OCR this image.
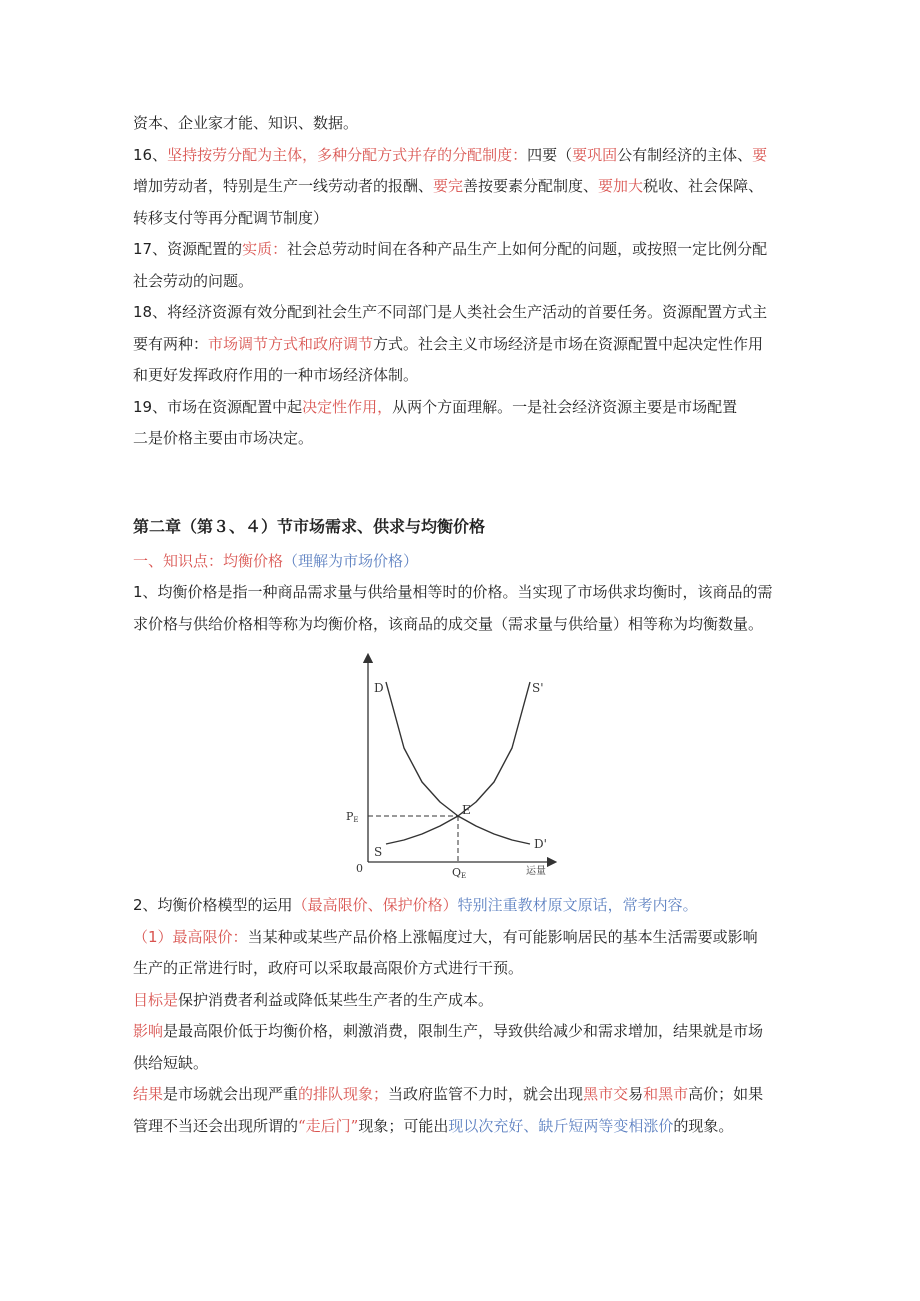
资本、企业家才能、知识、数据。

16、坚持按劳分配为主体，多种分配方式并存的分配制度：四要（要巩固公有制经济的主体、要

增加劳动者，特别是生产一线劳动者的报酬、要完善按要素分配制度、要加大税收、社会保障、

转移支付等再分配调节制度）

17、资源配置的实质：社会总劳动时间在各种产品生产上如何分配的问题，或按照一定比例分配

社会劳动的问题。

18、将经济资源有效分配到社会生产不同部门是人类社会生产活动的首要任务。资源配置方式主

要有两种：市场调节方式和政府调节方式。社会主义市场经济是市场在资源配置中起决定性作用

和更好发挥政府作用的一种市场经济体制。

19、市场在资源配置中起决定性作用，从两个方面理解。一是社会经济资源主要是市场配置

二是价格主要由市场决定。

第二章（第３、４）节市场需求、供求与均衡价格

一、知识点：均衡价格（理解为市场价格）

1、均衡价格是指一种商品需求量与供给量相等时的价格。当实现了市场供求均衡时，该商品的需

求价格与供给价格相等称为均衡价格，该商品的成交量（需求量与供给量）相等称为均衡数量。

D
D'
S
S'
E
PE
QE
0	运量

2、均衡价格模型的运用（最高限价、保护价格）特别注重教材原文原话，常考内容。

（1）最高限价：当某种或某些产品价格上涨幅度过大，有可能影响居民的基本生活需要或影响

生产的正常进行时，政府可以采取最高限价方式进行干预。

目标是保护消费者利益或降低某些生产者的生产成本。

影响是最高限价低于均衡价格，刺激消费，限制生产，导致供给减少和需求增加，结果就是市场

供给短缺。

结果是市场就会出现严重的排队现象；当政府监管不力时，就会出现黑市交易和黑市高价；如果

管理不当还会出现所谓的“走后门”现象；可能出现以次充好、缺斤短两等变相涨价的现象。
